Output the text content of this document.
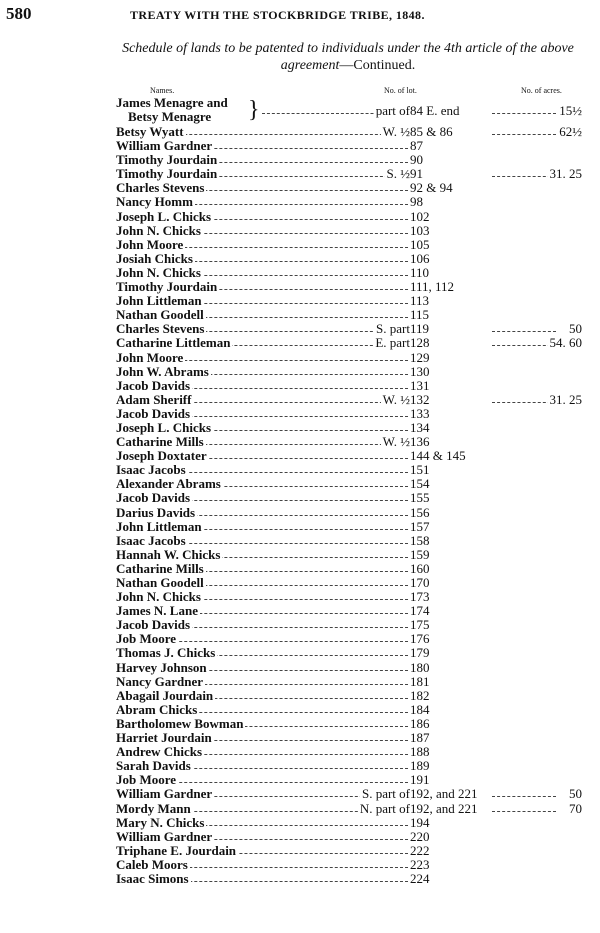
580	TREATY WITH THE STOCKBRIDGE TRIBE, 1848.
Schedule of lands to be patented to individuals under the 4th article of the above agreement—Continued.
Names.	No. of lot.	No. of acres.
}
James Menagre and
Betsy Menagre	part of 84 E. end	15½
Betsy Wyatt	W. ½ 85 & 86	62½
William Gardner	87
Timothy Jourdain	90
Timothy Jourdain	S. ½ 91	31. 25
Charles Stevens	92 & 94
Nancy Homm	98
Joseph L. Chicks	102
John N. Chicks	103
John Moore	105
Josiah Chicks	106
John N. Chicks	110
Timothy Jourdain	111, 112
John Littleman	113
Nathan Goodell	115
Charles Stevens	S. part 119	50
Catharine Littleman	E. part 128	54. 60
John Moore	129
John W. Abrams	130
Jacob Davids	131
Adam Sheriff	W. ½ 132	31. 25
Jacob Davids	133
Joseph L. Chicks	134
Catharine Mills	W. ½ 136
Joseph Doxtater	144 & 145
Isaac Jacobs	151
Alexander Abrams	154
Jacob Davids	155
Darius Davids	156
John Littleman	157
Isaac Jacobs	158
Hannah W. Chicks	159
Catharine Mills	160
Nathan Goodell	170
John N. Chicks	173
James N. Lane	174
Jacob Davids	175
Job Moore	176
Thomas J. Chicks	179
Harvey Johnson	180
Nancy Gardner	181
Abagail Jourdain	182
Abram Chicks	184
Bartholomew Bowman	186
Harriet Jourdain	187
Andrew Chicks	188
Sarah Davids	189
Job Moore	191
William Gardner	S. part of 192, and 221	50
Mordy Mann	N. part of 192, and 221	70
Mary N. Chicks	194
William Gardner	220
Triphane E. Jourdain	222
Caleb Moors	223
Isaac Simons	224
